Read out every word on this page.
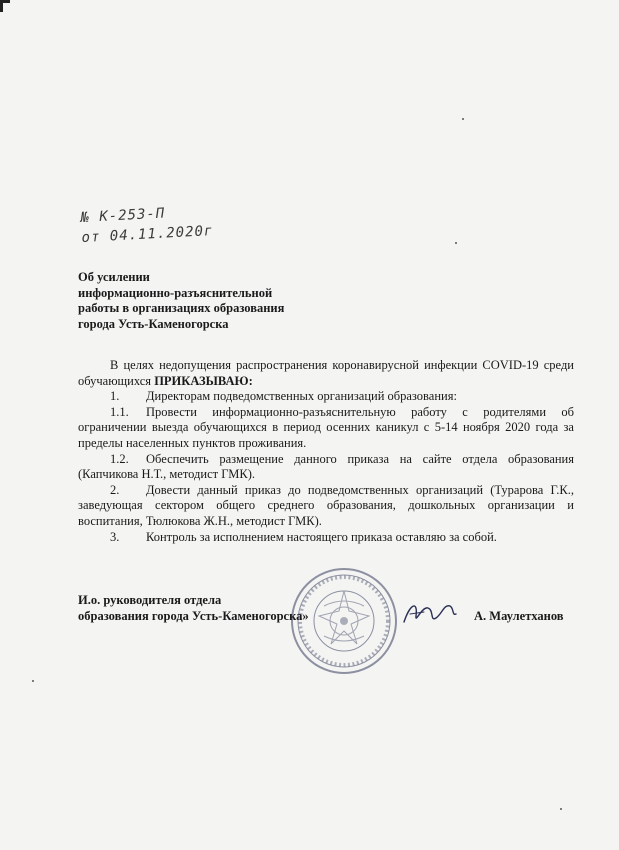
№ K-253-П
от 04.11.2020г
Об усилении
информационно-разъяснительной
работы в организациях образования
города Усть-Каменогорска

В целях недопущения распространения коронавирусной инфекции COVID-19 среди обучающихся ПРИКАЗЫВАЮ:

1. Директорам подведомственных организаций образования:

1.1. Провести информационно-разъяснительную работу с родителями об ограничении выезда обучающихся в период осенних каникул с 5-14 ноября 2020 года за пределы населенных пунктов проживания.

1.2. Обеспечить размещение данного приказа на сайте отдела образования (Капчикова Н.Т., методист ГМК).

2. Довести данный приказ до подведомственных организаций (Турарова Г.К., заведующая сектором общего среднего образования, дошкольных организации и воспитания, Тюлюкова Ж.Н., методист ГМК).

3. Контроль за исполнением настоящего приказа оставляю за собой.

И.о. руководителя отдела
образования города Усть-Каменогорска»	А. Маулетханов
